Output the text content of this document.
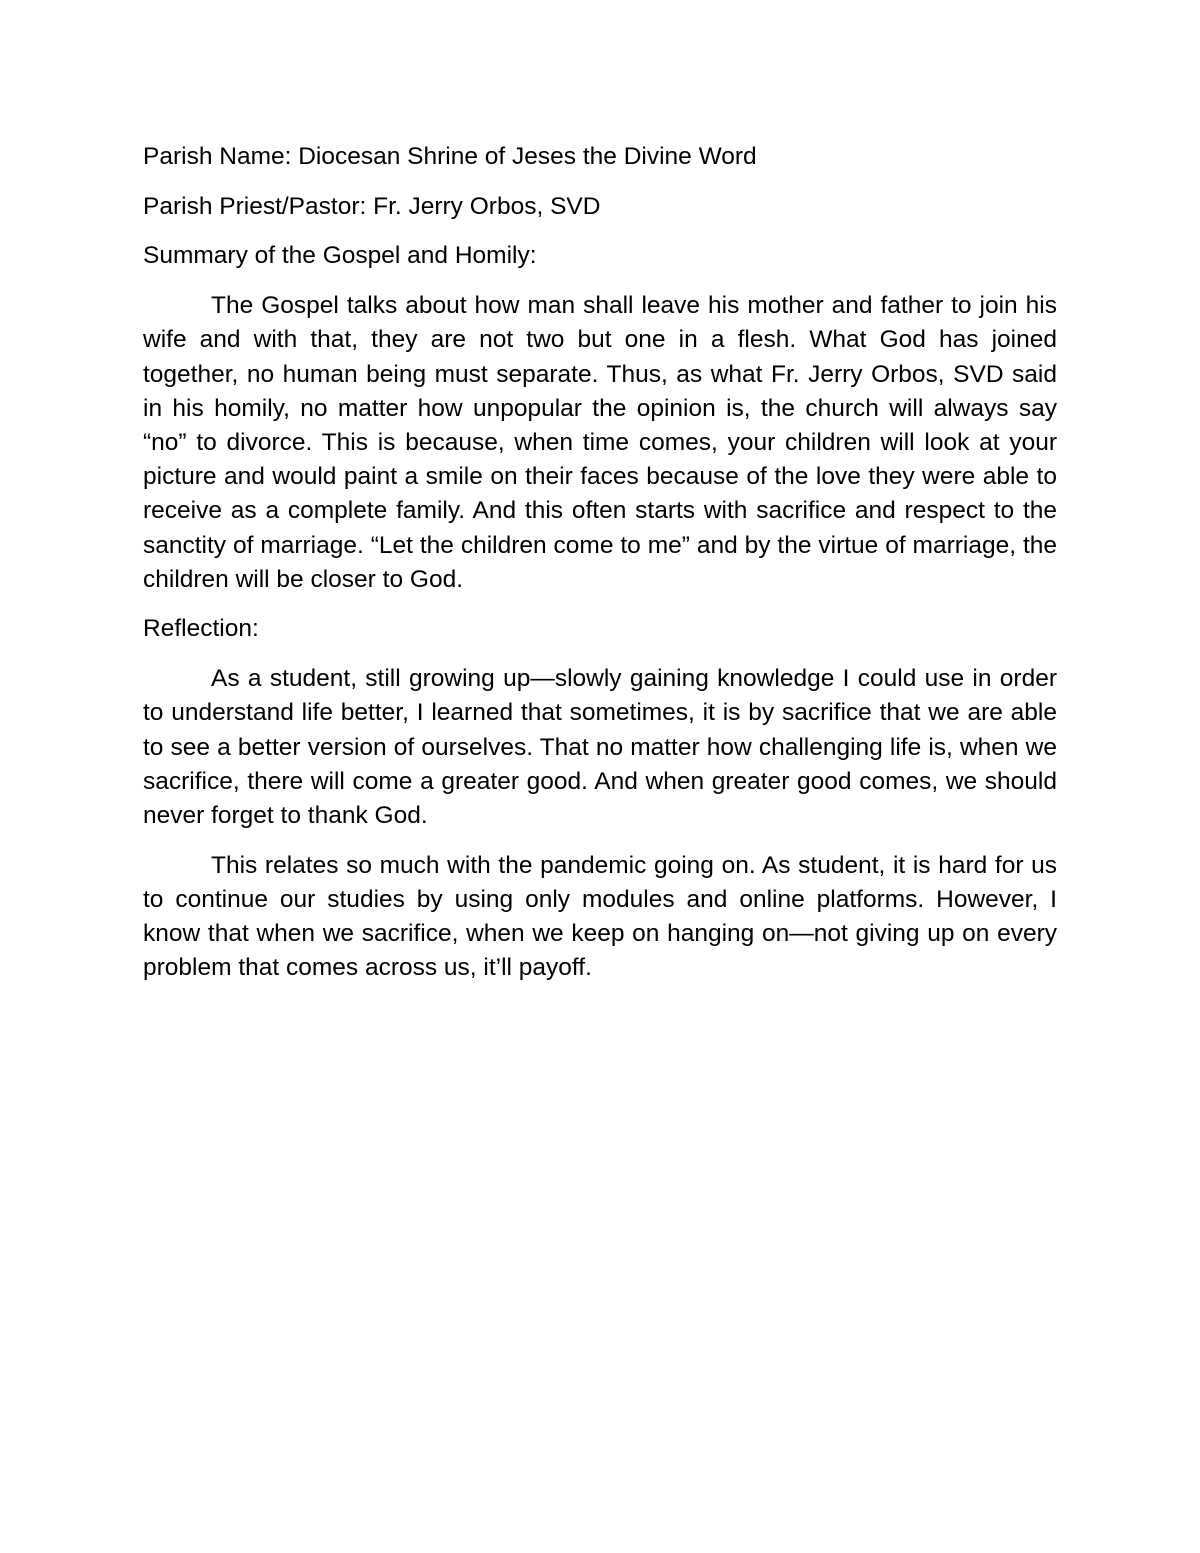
Parish Name: Diocesan Shrine of Jeses the Divine Word

Parish Priest/Pastor: Fr. Jerry Orbos, SVD

Summary of the Gospel and Homily:

The Gospel talks about how man shall leave his mother and father to join his wife and with that, they are not two but one in a flesh. What God has joined together, no human being must separate. Thus, as what Fr. Jerry Orbos, SVD said in his homily, no matter how unpopular the opinion is, the church will always say “no” to divorce. This is because, when time comes, your children will look at your picture and would paint a smile on their faces because of the love they were able to receive as a complete family. And this often starts with sacrifice and respect to the sanctity of marriage. “Let the children come to me” and by the virtue of marriage, the children will be closer to God.

Reflection:

As a student, still growing up—slowly gaining knowledge I could use in order to understand life better, I learned that sometimes, it is by sacrifice that we are able to see a better version of ourselves. That no matter how challenging life is, when we sacrifice, there will come a greater good. And when greater good comes, we should never forget to thank God.

This relates so much with the pandemic going on. As student, it is hard for us to continue our studies by using only modules and online platforms. However, I know that when we sacrifice, when we keep on hanging on—not giving up on every problem that comes across us, it’ll payoff.
